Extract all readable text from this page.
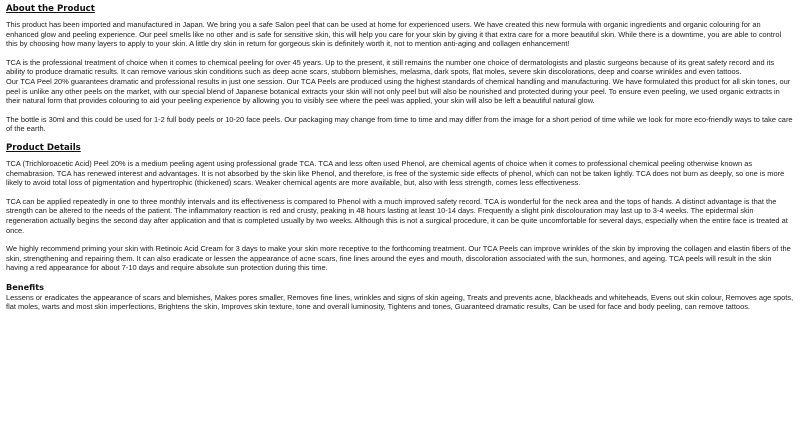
About the Product
This product has been imported and manufactured in Japan. We bring you a safe Salon peel that can be used at home for experienced users. We have created this new formula with organic ingredients and organic colouring for an enhanced glow and peeling experience. Our peel smells like no other and is safe for sensitive skin, this will help you care for your skin by giving it that extra care for a more beautiful skin. While there is a downtime, you are able to control this by choosing how many layers to apply to your skin. A little dry skin in return for gorgeous skin is definitely worth it, not to mention anti-aging and collagen enhancement!
TCA is the professional treatment of choice when it comes to chemical peeling for over 45 years. Up to the present, it still remains the number one choice of dermatologists and plastic surgeons because of its great safety record and its ability to produce dramatic results. It can remove various skin conditions such as deep acne scars, stubborn blemishes, melasma, dark spots, flat moles, severe skin discolorations, deep and coarse wrinkles and even tattoos.
Our TCA Peel 20% guarantees dramatic and professional results in just one session. Our TCA Peels are produced using the highest standards of chemical handling and manufacturing. We have formulated this product for all skin tones, our peel is unlike any other peels on the market, with our special blend of Japanese botanical extracts your skin will not only peel but will also be nourished and protected during your peel. To ensure even peeling, we used organic extracts in their natural form that provides colouring to aid your peeling experience by allowing you to visibly see where the peel was applied, your skin will also be left a beautiful natural glow.
The bottle is 30ml and this could be used for 1-2 full body peels or 10-20 face peels. Our packaging may change from time to time and may differ from the image for a short period of time while we look for more eco-friendly ways to take care of the earth.
Product Details
TCA (Trichloroacetic Acid) Peel 20% is a medium peeling agent using professional grade TCA. TCA and less often used Phenol, are chemical agents of choice when it comes to professional chemical peeling otherwise known as chemabrasion. TCA has renewed interest and advantages. It is not absorbed by the skin like Phenol, and therefore, is free of the systemic side effects of phenol, which can not be taken lightly. TCA does not burn as deeply, so one is more likely to avoid total loss of pigmentation and hypertrophic (thickened) scars. Weaker chemical agents are more available, but, also with less strength, comes less effectiveness.
TCA can be applied repeatedly in one to three monthly intervals and its effectiveness is compared to Phenol with a much improved safety record. TCA is wonderful for the neck area and the tops of hands. A distinct advantage is that the strength can be altered to the needs of the patient. The inflammatory reaction is red and crusty, peaking in 48 hours lasting at least 10-14 days. Frequently a slight pink discolouration may last up to 3-4 weeks. The epidermal skin regeneration actually begins the second day after application and that is completed usually by two weeks. Although this is not a surgical procedure, it can be quite uncomfortable for several days, especially when the entire face is treated at once.
We highly recommend priming your skin with Retinoic Acid Cream for 3 days to make your skin more receptive to the forthcoming treatment. Our TCA Peels can improve wrinkles of the skin by improving the collagen and elastin fibers of the skin, strengthening and repairing them. It can also eradicate or lessen the appearance of acne scars, fine lines around the eyes and mouth, discoloration associated with the sun, hormones, and ageing. TCA peels will result in the skin having a red appearance for about 7-10 days and require absolute sun protection during this time.
Benefits
Lessens or eradicates the appearance of scars and blemishes, Makes pores smaller, Removes fine lines, wrinkles and signs of skin ageing, Treats and prevents acne, blackheads and whiteheads, Evens out skin colour, Removes age spots, flat moles, warts and most skin imperfections, Brightens the skin, Improves skin texture, tone and overall luminosity, Tightens and tones, Guaranteed dramatic results, Can be used for face and body peeling, can remove tattoos.
